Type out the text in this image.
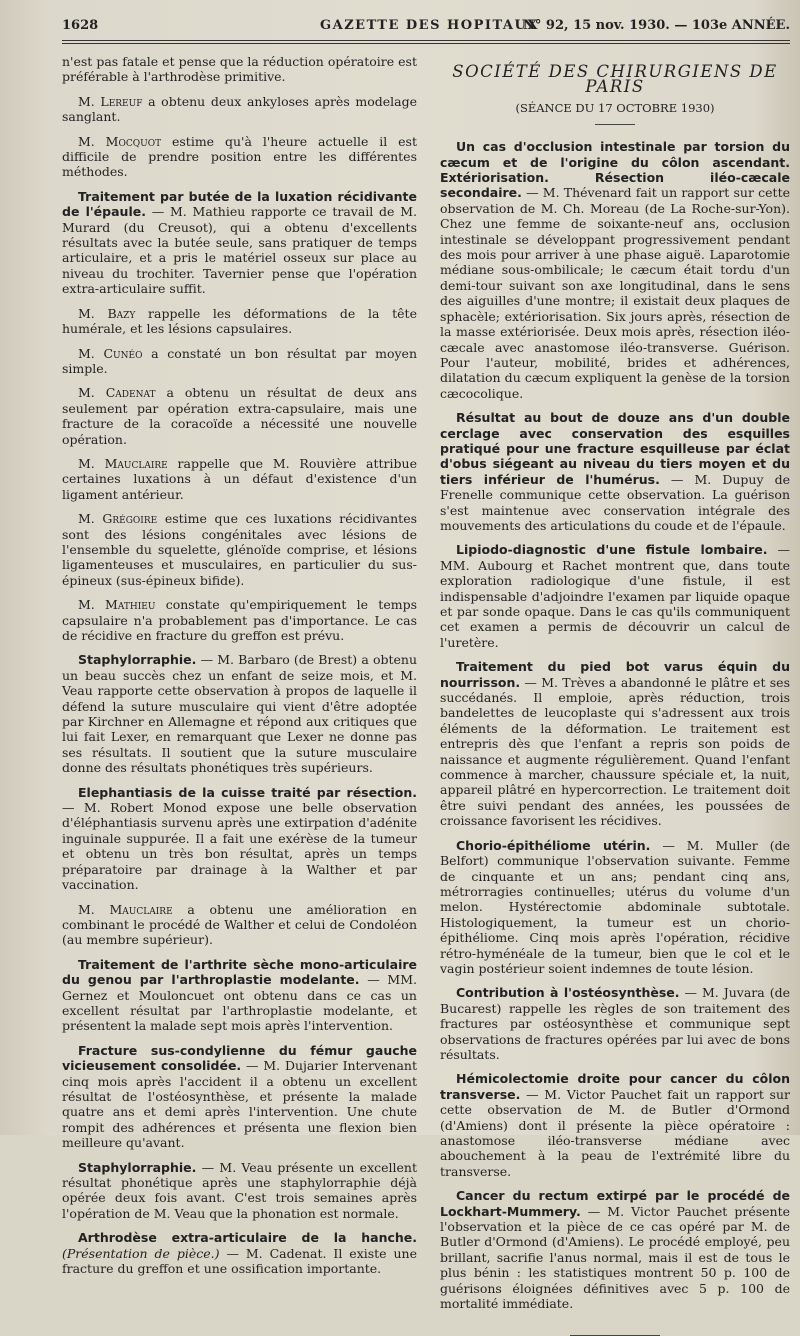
1628	GAZETTE DES HOPITAUX
N° 92, 15 nov. 1930. — 103e ANNÉE.

n'est pas fatale et pense que la réduction opératoire est préférable à l'arthrodèse primitive.

M. Lereuf a obtenu deux ankyloses après modelage sanglant.

M. Mocquot estime qu'à l'heure actuelle il est difficile de prendre position entre les différentes méthodes.

Traitement par butée de la luxation récidivante de l'épaule. — M. Mathieu rapporte ce travail de M. Murard (du Creusot), qui a obtenu d'excellents résultats avec la butée seule, sans pratiquer de temps articulaire, et a pris le matériel osseux sur place au niveau du trochiter. Tavernier pense que l'opération extra-articulaire suffit.

M. Bazy rappelle les déformations de la tête humérale, et les lésions capsulaires.

M. Cunéo a constaté un bon résultat par moyen simple.

M. Cadenat a obtenu un résultat de deux ans seulement par opération extra-capsulaire, mais une fracture de la coracoïde a nécessité une nouvelle opération.

M. Mauclaire rappelle que M. Rouvière attribue certaines luxations à un défaut d'existence d'un ligament antérieur.

M. Grégoire estime que ces luxations récidivantes sont des lésions congénitales avec lésions de l'ensemble du squelette, glénoïde comprise, et lésions ligamenteuses et musculaires, en particulier du sus-épineux (sus-épineux bifide).

M. Mathieu constate qu'empiriquement le temps capsulaire n'a probablement pas d'importance. Le cas de récidive en fracture du greffon est prévu.

Staphylorraphie. — M. Barbaro (de Brest) a obtenu un beau succès chez un enfant de seize mois, et M. Veau rapporte cette observation à propos de laquelle il défend la suture musculaire qui vient d'être adoptée par Kirchner en Allemagne et répond aux critiques que lui fait Lexer, en remarquant que Lexer ne donne pas ses résultats. Il soutient que la suture musculaire donne des résultats phonétiques très supérieurs.

Elephantiasis de la cuisse traité par résection. — M. Robert Monod expose une belle observation d'éléphantiasis survenu après une extirpation d'adénite inguinale suppurée. Il a fait une exérèse de la tumeur et obtenu un très bon résultat, après un temps préparatoire par drainage à la Walther et par vaccination.

M. Mauclaire a obtenu une amélioration en combinant le procédé de Walther et celui de Condoléon (au membre supérieur).

Traitement de l'arthrite sèche mono-articulaire du genou par l'arthroplastie modelante. — MM. Gernez et Mouloncuet ont obtenu dans ce cas un excellent résultat par l'arthroplastie modelante, et présentent la malade sept mois après l'intervention.

Fracture sus-condylienne du fémur gauche vicieusement consolidée. — M. Dujarier Intervenant cinq mois après l'accident il a obtenu un excellent résultat de l'ostéosynthèse, et présente la malade quatre ans et demi après l'intervention. Une chute rompit des adhérences et présenta une flexion bien meilleure qu'avant.

Staphylorraphie. — M. Veau présente un excellent résultat phonétique après une staphylorraphie déjà opérée deux fois avant. C'est trois semaines après l'opération de M. Veau que la phonation est normale.

Arthrodèse extra-articulaire de la hanche. (Présentation de pièce.) — M. Cadenat. Il existe une fracture du greffon et une ossification importante.

SOCIÉTÉ DES CHIRURGIENS DE PARIS
(SÉANCE DU 17 OCTOBRE 1930)

Un cas d'occlusion intestinale par torsion du cæcum et de l'origine du côlon ascendant. Extériorisation. Résection iléo-cæcale secondaire. — M. Thévenard fait un rapport sur cette observation de M. Ch. Moreau (de La Roche-sur-Yon). Chez une femme de soixante-neuf ans, occlusion intestinale se développant progressivement pendant des mois pour arriver à une phase aiguë. Laparotomie médiane sous-ombilicale; le cæcum était tordu d'un demi-tour suivant son axe longitudinal, dans le sens des aiguilles d'une montre; il existait deux plaques de sphacèle; extériorisation. Six jours après, résection de la masse extériorisée. Deux mois après, résection iléo-cæcale avec anastomose iléo-transverse. Guérison. Pour l'auteur, mobilité, brides et adhérences, dilatation du cæcum expliquent la genèse de la torsion cæcocolique.

Résultat au bout de douze ans d'un double cerclage avec conservation des esquilles pratiqué pour une fracture esquilleuse par éclat d'obus siégeant au niveau du tiers moyen et du tiers inférieur de l'humérus. — M. Dupuy de Frenelle communique cette observation. La guérison s'est maintenue avec conservation intégrale des mouvements des articulations du coude et de l'épaule.

Lipiodo-diagnostic d'une fistule lombaire. — MM. Aubourg et Rachet montrent que, dans toute exploration radiologique d'une fistule, il est indispensable d'adjoindre l'examen par liquide opaque et par sonde opaque. Dans le cas qu'ils communiquent cet examen a permis de découvrir un calcul de l'uretère.

Traitement du pied bot varus équin du nourrisson. — M. Trèves a abandonné le plâtre et ses succédanés. Il emploie, après réduction, trois bandelettes de leucoplaste qui s'adressent aux trois éléments de la déformation. Le traitement est entrepris dès que l'enfant a repris son poids de naissance et augmente régulièrement. Quand l'enfant commence à marcher, chaussure spéciale et, la nuit, appareil plâtré en hypercorrection. Le traitement doit être suivi pendant des années, les poussées de croissance favorisent les récidives.

Chorio-épithéliome utérin. — M. Muller (de Belfort) communique l'observation suivante. Femme de cinquante et un ans; pendant cinq ans, métrorragies continuelles; utérus du volume d'un melon. Hystérectomie abdominale subtotale. Histologiquement, la tumeur est un chorio-épithéliome. Cinq mois après l'opération, récidive rétro-hyménéale de la tumeur, bien que le col et le vagin postérieur soient indemnes de toute lésion.

Contribution à l'ostéosynthèse. — M. Juvara (de Bucarest) rappelle les règles de son traitement des fractures par ostéosynthèse et communique sept observations de fractures opérées par lui avec de bons résultats.

Hémicolectomie droite pour cancer du côlon transverse. — M. Victor Pauchet fait un rapport sur cette observation de M. de Butler d'Ormond (d'Amiens) dont il présente la pièce opératoire : anastomose iléo-transverse médiane avec abouchement à la peau de l'extrémité libre du transverse.

Cancer du rectum extirpé par le procédé de Lockhart-Mummery. — M. Victor Pauchet présente l'observation et la pièce de ce cas opéré par M. de Butler d'Ormond (d'Amiens). Le procédé employé, peu brillant, sacrifie l'anus normal, mais il est de tous le plus bénin : les statistiques montrent 50 p. 100 de guérisons éloignées définitives avec 5 p. 100 de mortalité immédiate.
